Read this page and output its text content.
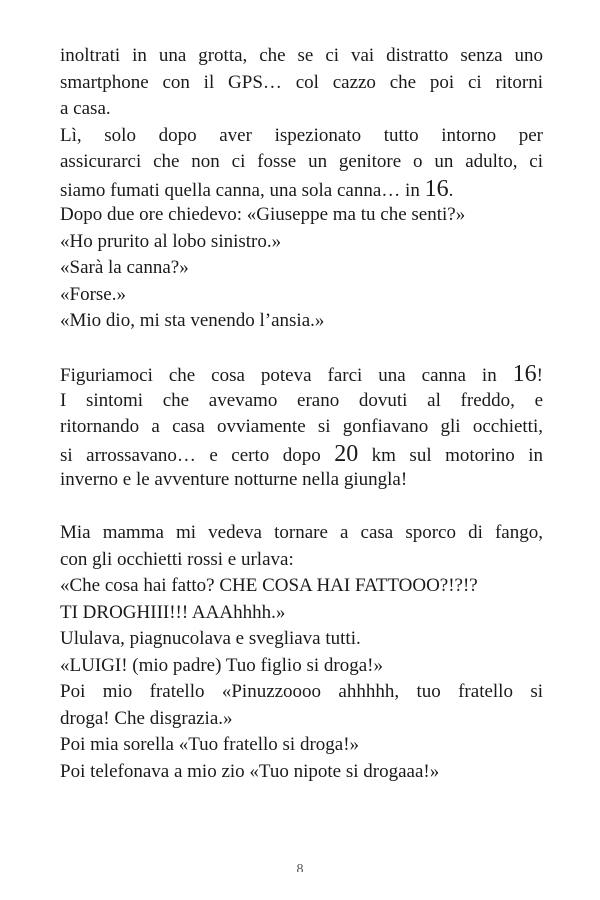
inoltrati in una grotta, che se ci vai distratto senza uno
smartphone con il GPS… col cazzo che poi ci ritorni
a casa.
Lì, solo dopo aver ispezionato tutto intorno per
assicurarci che non ci fosse un genitore o un adulto, ci
siamo fumati quella canna, una sola canna… in 16.
Dopo due ore chiedevo: «Giuseppe ma tu che senti?»
«Ho prurito al lobo sinistro.»
«Sarà la canna?»
«Forse.»
«Mio dio, mi sta venendo l’ansia.»
Figuriamoci che cosa poteva farci una canna in 16!
I sintomi che avevamo erano dovuti al freddo, e
ritornando a casa ovviamente si gonfiavano gli occhietti,
si arrossavano… e certo dopo 20 km sul motorino in
inverno e le avventure notturne nella giungla!
Mia mamma mi vedeva tornare a casa sporco di fango,
con gli occhietti rossi e urlava:
«Che cosa hai fatto? CHE COSA HAI FATTOOO?!?!?
TI DROGHIII!!! AAAhhhh.»
Ululava, piagnucolava e svegliava tutti.
«LUIGI! (mio padre) Tuo figlio si droga!»
Poi mio fratello «Pinuzzoooo ahhhhh, tuo fratello si
droga! Che disgrazia.»
Poi mia sorella «Tuo fratello si droga!»
Poi telefonava a mio zio «Tuo nipote si drogaaa!»
8
